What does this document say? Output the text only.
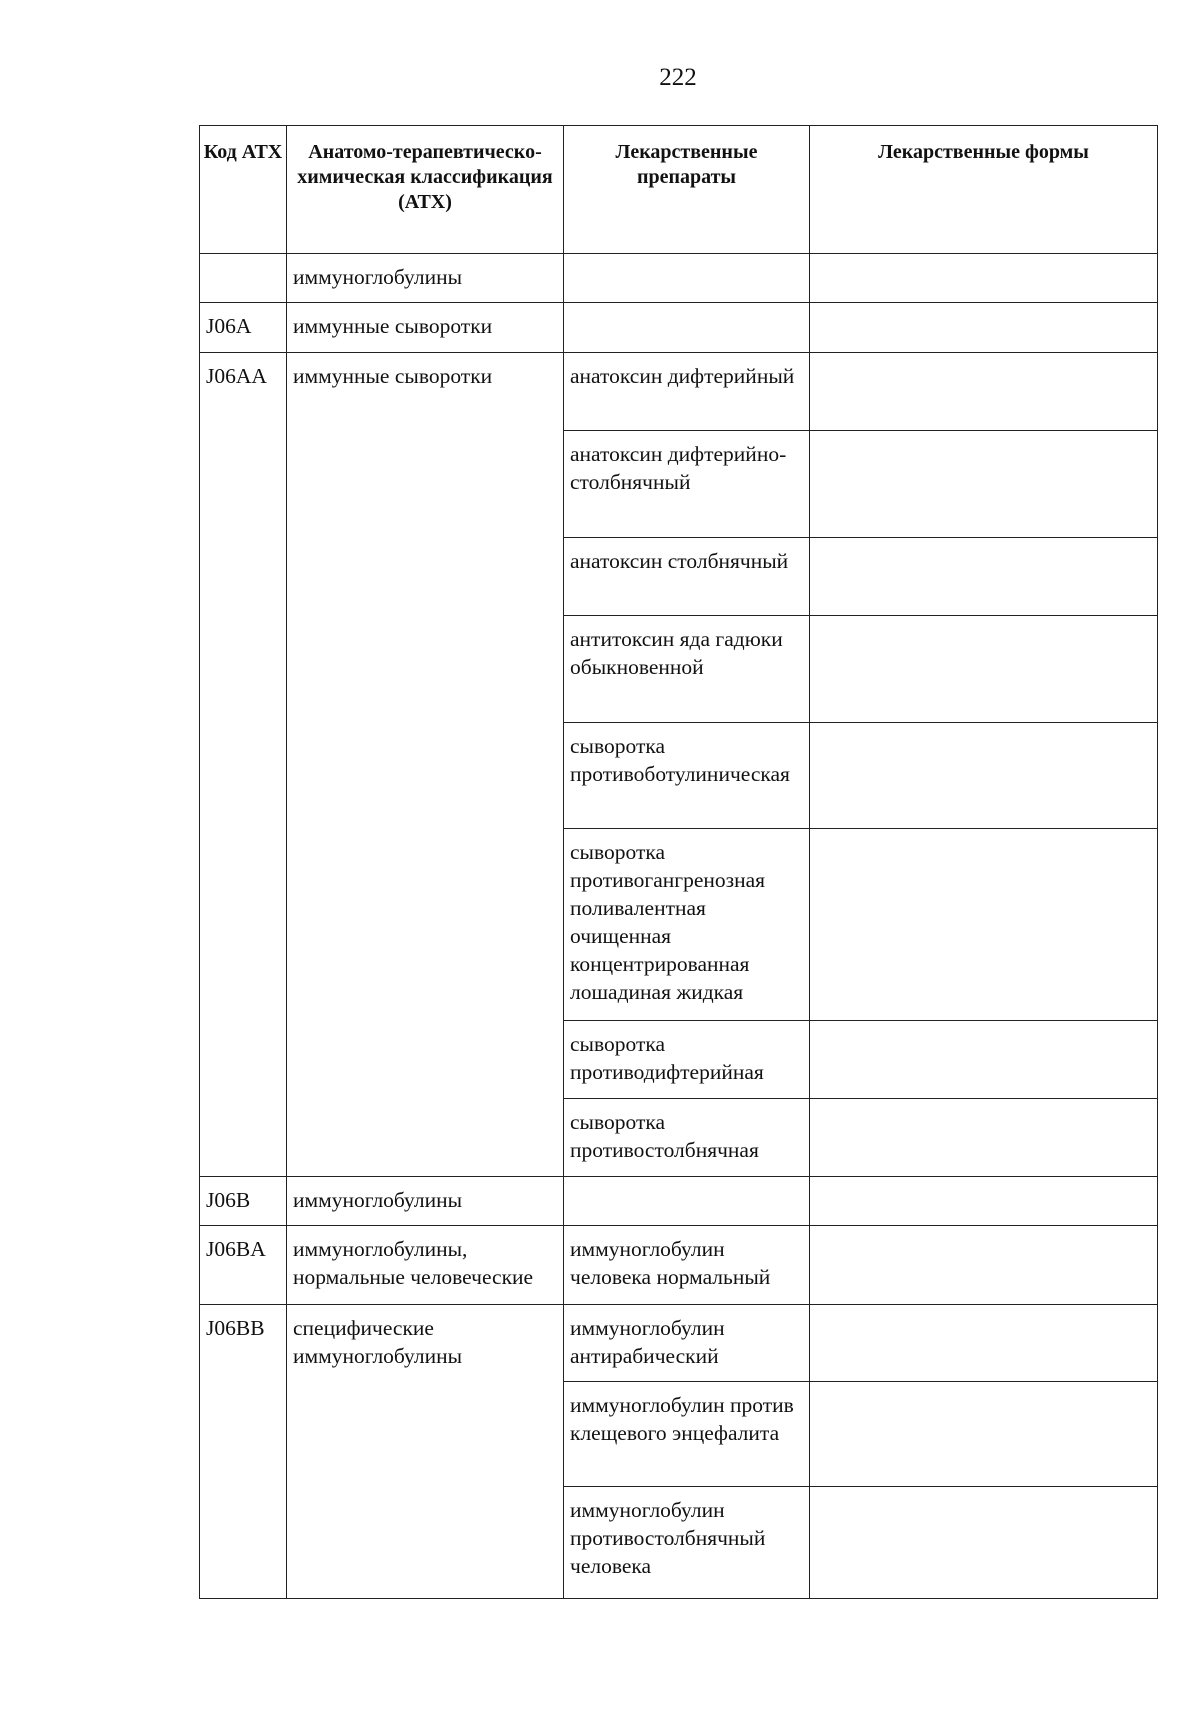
222
Код АТХ	Анатомо-терапевтическо-химическая классификация (АТХ)	Лекарственные препараты	Лекарственные формы
	иммуноглобулины		
J06A	иммунные сыворотки		
J06AA	иммунные сыворотки	анатоксин дифтерийный	
		анатоксин дифтерийно-столбнячный	
		анатоксин столбнячный	
		антитоксин яда гадюки обыкновенной	
		сыворотка противоботулиническая	
		сыворотка противогангренозная поливалентная очищенная концентрированная лошадиная жидкая	
		сыворотка противодифтерийная	
		сыворотка противостолбнячная	
J06B	иммуноглобулины		
J06BA	иммуноглобулины, нормальные человеческие	иммуноглобулин человека нормальный	
J06BB	специфические иммуноглобулины	иммуноглобулин антирабический	
		иммуноглобулин против клещевого энцефалита	
		иммуноглобулин противостолбнячный человека	
